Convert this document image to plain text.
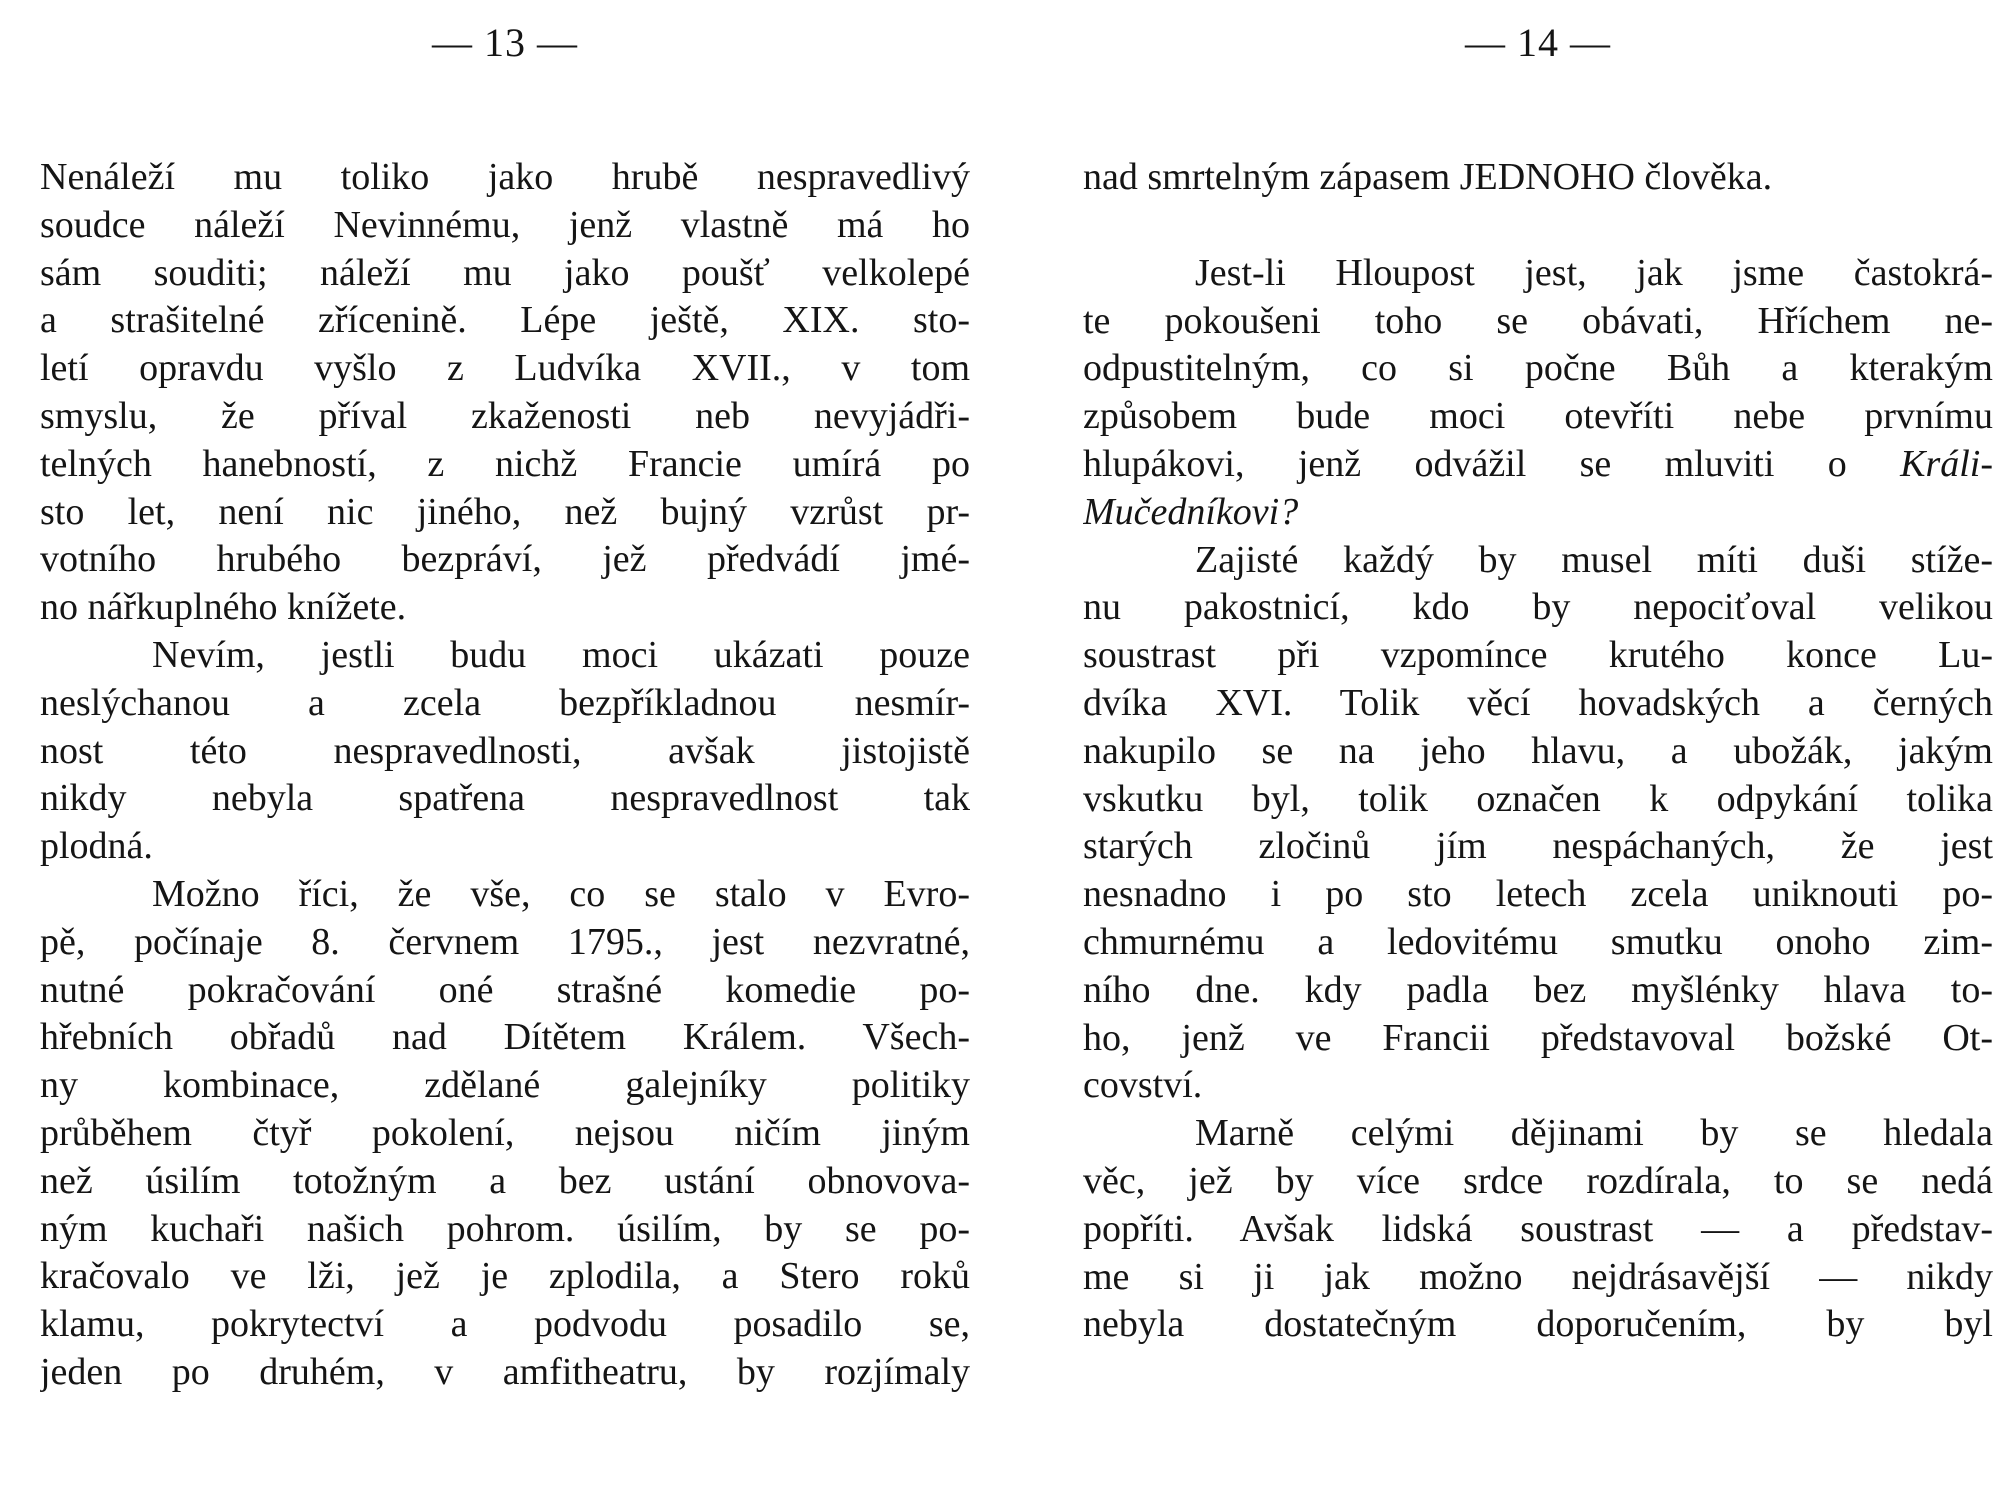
— 13 —
Nenáleží mu toliko jako hrubě nespravedlivý
soudce náleží Nevinnému, jenž vlastně má ho
sám souditi; náleží mu jako poušť velkolepé
a strašitelné zřícenině. Lépe ještě, XIX. sto-
letí opravdu vyšlo z Ludvíka XVII., v tom
smyslu, že příval zkaženosti neb nevyjádři-
telných hanebností, z nichž Francie umírá po
sto let, není nic jiného, než bujný vzrůst pr-
votního hrubého bezpráví, jež předvádí jmé-
no nářkuplného knížete.
Nevím, jestli budu moci ukázati pouze
neslýchanou a zcela bezpříkladnou nesmír-
nost této nespravedlnosti, avšak jistojistě
nikdy nebyla spatřena nespravedlnost tak
plodná.
Možno říci, že vše, co se stalo v Evro-
pě, počínaje 8. červnem 1795., jest nezvratné,
nutné pokračování oné strašné komedie po-
hřebních obřadů nad Dítětem Králem. Všech-
ny kombinace, zdělané galejníky politiky
průběhem čtyř pokolení, nejsou ničím jiným
než úsilím totožným a bez ustání obnovova-
ným kuchaři našich pohrom. úsilím, by se po-
kračovalo ve lži, jež je zplodila, a Stero roků
klamu, pokrytectví a podvodu posadilo se,
jeden po druhém, v amfitheatru, by rozjímaly
— 14 —
nad smrtelným zápasem JEDNOHO člověka.
Jest-li Hloupost jest, jak jsme častokrá-
te pokoušeni toho se obávati, Hříchem ne-
odpustitelným, co si počne Bůh a kterakým
způsobem bude moci otevříti nebe prvnímu
hlupákovi, jenž odvážil se mluviti o Králi-
Mučedníkovi?
Zajisté každý by musel míti duši stíže-
nu pakostnicí, kdo by nepociťoval velikou
soustrast při vzpomínce krutého konce Lu-
dvíka XVI. Tolik věcí hovadských a černých
nakupilo se na jeho hlavu, a ubožák, jakým
vskutku byl, tolik označen k odpykání tolika
starých zločinů jím nespáchaných, že jest
nesnadno i po sto letech zcela uniknouti po-
chmurnému a ledovitému smutku onoho zim-
ního dne. kdy padla bez myšlénky hlava to-
ho, jenž ve Francii představoval božské Ot-
covství.
Marně celými dějinami by se hledala
věc, jež by více srdce rozdírala, to se nedá
popříti. Avšak lidská soustrast — a představ-
me si ji jak možno nejdrásavější — nikdy
nebyla dostatečným doporučením, by byl
